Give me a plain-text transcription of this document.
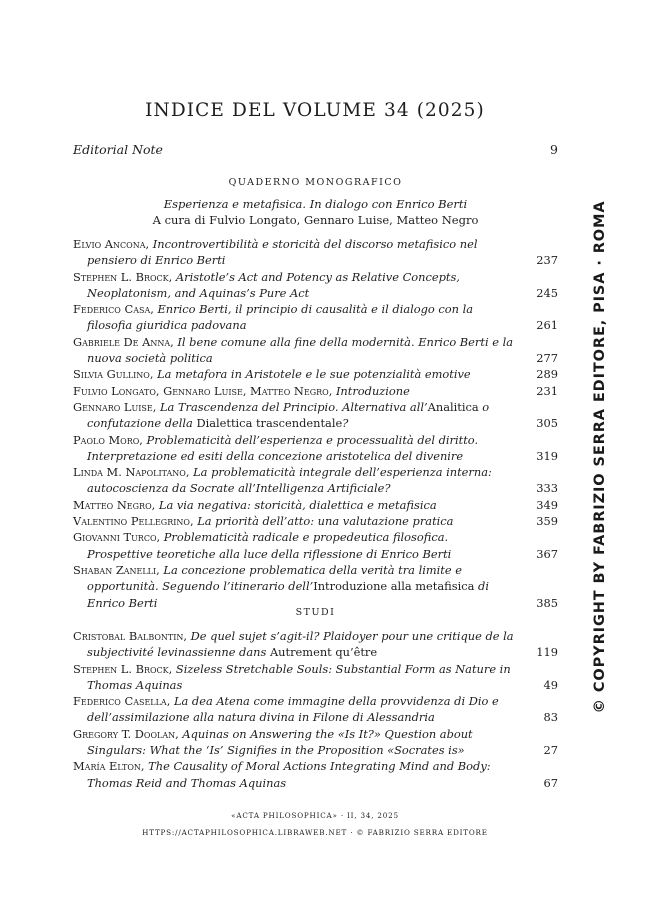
INDICE DEL VOLUME 34 (2025)
Editorial Note	9
QUADERNO MONOGRAFICO
Esperienza e metafisica. In dialogo con Enrico Berti
A cura di Fulvio Longato, Gennaro Luise, Matteo Negro
Elvio Ancona, Incontrovertibilità e storicità del discorso metafisico nel pensiero di Enrico Berti	237
Stephen L. Brock, Aristotle’s Act and Potency as Relative Concepts, Neoplatonism, and Aquinas’s Pure Act	245
Federico Casa, Enrico Berti, il principio di causalità e il dialogo con la filosofia giuridica padovana	261
Gabriele De Anna, Il bene comune alla fine della modernità. Enrico Berti e la nuova società politica	277
Silvia Gullino, La metafora in Aristotele e le sue potenzialità emotive	289
Fulvio Longato, Gennaro Luise, Matteo Negro, Introduzione	231
Gennaro Luise, La Trascendenza del Principio. Alternativa all’Analitica o confutazione della Dialettica trascendentale?	305
Paolo Moro, Problematicità dell’esperienza e processualità del diritto. Interpretazione ed esiti della concezione aristotelica del divenire	319
Linda M. Napolitano, La problematicità integrale dell’esperienza interna: autocoscienza da Socrate all’Intelligenza Artificiale?	333
Matteo Negro, La via negativa: storicità, dialettica e metafisica	349
Valentino Pellegrino, La priorità dell’atto: una valutazione pratica	359
Giovanni Turco, Problematicità radicale e propedeutica filosofica. Prospettive teoretiche alla luce della riflessione di Enrico Berti	367
Shaban Zanelli, La concezione problematica della verità tra limite e opportunità. Seguendo l’itinerario dell’Introduzione alla metafisica di Enrico Berti	385
STUDI
Cristobal Balbontin, De quel sujet s’agit-il? Plaidoyer pour une critique de la subjectivité levinassienne dans Autrement qu’être	119
Stephen L. Brock, Sizeless Stretchable Souls: Substantial Form as Nature in Thomas Aquinas	49
Federico Casella, La dea Atena come immagine della provvidenza di Dio e dell’assimilazione alla natura divina in Filone di Alessandria	83
Gregory T. Doolan, Aquinas on Answering the «Is It?» Question about Singulars: What the ‘Is’ Signifies in the Proposition «Socrates is»	27
María Elton, The Causality of Moral Actions Integrating Mind and Body: Thomas Reid and Thomas Aquinas	67
«ACTA PHILOSOPHICA» · II, 34, 2025
HTTPS://ACTAPHILOSOPHICA.LIBRAWEB.NET · © FABRIZIO SERRA EDITORE
© COPYRIGHT BY FABRIZIO SERRA EDITORE, PISA · ROMA
